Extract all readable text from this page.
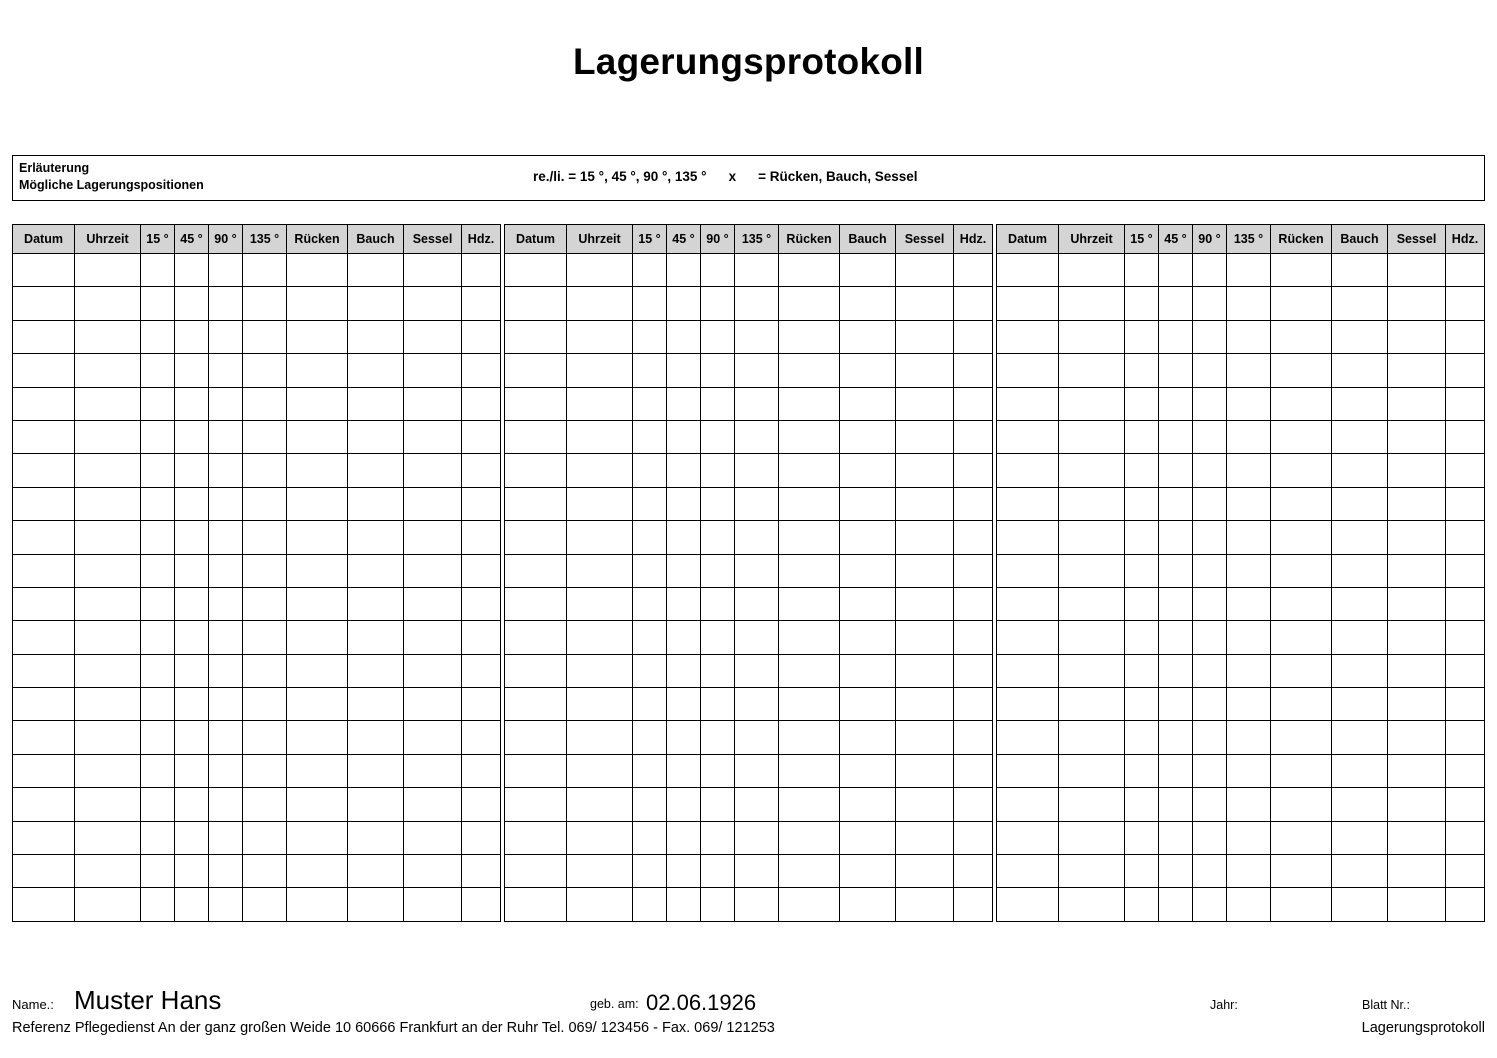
Lagerungsprotokoll
Erläuterung
Mögliche Lagerungspositionen
re./li. = 15 °, 45 °, 90 °, 135 ° x = Rücken, Bauch, Sessel
Datum	Uhrzeit	15 °	45 °	90 °	135 °	Rücken	Bauch	Sessel	Hdz.

									Datum	Uhrzeit	15 °	45 °	90 °	135 °	Rücken	Bauch	Sessel	Hdz.

									Datum	Uhrzeit	15 °	45 °	90 °	135 °	Rücken	Bauch	Sessel	Hdz.

Name.: Muster Hans	geb. am: 02.06.1926	Jahr:	Blatt Nr.:
Referenz Pflegedienst An der ganz großen Weide 10 60666 Frankfurt an der Ruhr Tel. 069/ 123456 - Fax. 069/ 121253	Lagerungsprotokoll
